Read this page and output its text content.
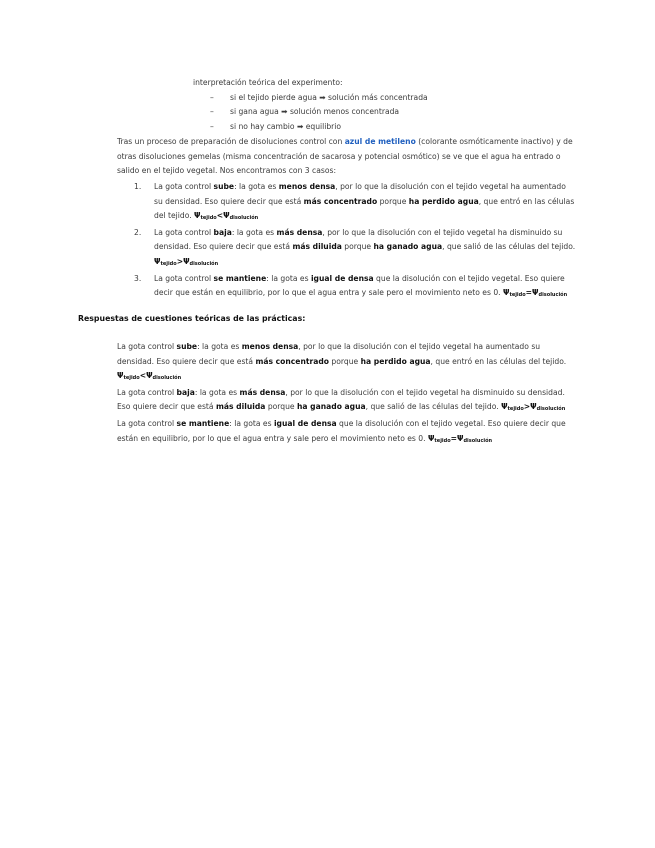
interpretación teórica del experimento:

– si el tejido pierde agua ➡ solución más concentrada
– si gana agua ➡ solución menos concentrada
– si no hay cambio ➡ equilibrio

Tras un proceso de preparación de disoluciones control con azul de metileno (colorante osmóticamente inactivo) y de otras disoluciones gemelas (misma concentración de sacarosa y potencial osmótico) se ve que el agua ha entrado o salido en el tejido vegetal. Nos encontramos con 3 casos:

1. La gota control sube: la gota es menos densa, por lo que la disolución con el tejido vegetal ha aumentado su densidad. Eso quiere decir que está más concentrado porque ha perdido agua, que entró en las células del tejido. $\Psi_{tejido}<\Psi_{disolución}$
2. La gota control baja: la gota es más densa, por lo que la disolución con el tejido vegetal ha disminuido su densidad. Eso quiere decir que está más diluida porque ha ganado agua, que salió de las células del tejido. $\Psi_{tejido}>\Psi_{disolución}$
3. La gota control se mantiene: la gota es igual de densa que la disolución con el tejido vegetal. Eso quiere decir que están en equilibrio, por lo que el agua entra y sale pero el movimiento neto es 0. $\Psi_{tejido}=\Psi_{disolución}$

Respuestas de cuestiones teóricas de las prácticas:

La gota control sube: la gota es menos densa, por lo que la disolución con el tejido vegetal ha aumentado su densidad. Eso quiere decir que está más concentrado porque ha perdido agua, que entró en las células del tejido. $\Psi_{tejido}<\Psi_{disolución}$

La gota control baja: la gota es más densa, por lo que la disolución con el tejido vegetal ha disminuido su densidad. Eso quiere decir que está más diluida porque ha ganado agua, que salió de las células del tejido. $\Psi_{tejido}>\Psi_{disolución}$

La gota control se mantiene: la gota es igual de densa que la disolución con el tejido vegetal. Eso quiere decir que están en equilibrio, por lo que el agua entra y sale pero el movimiento neto es 0. $\Psi_{tejido}=\Psi_{disolución}$
